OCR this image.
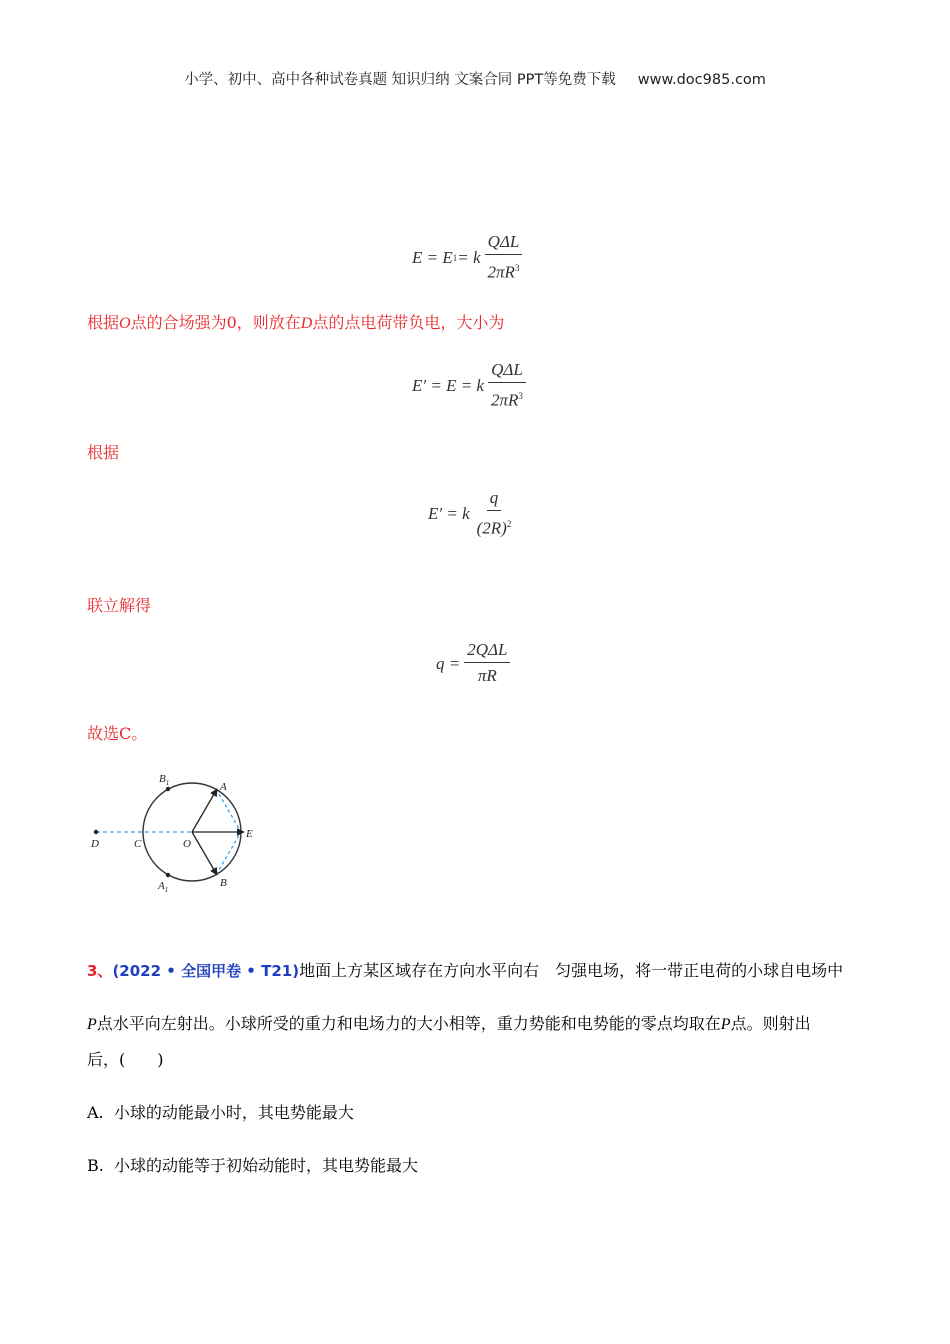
小学、初中、高中各种试卷真题 知识归纳 文案合同 PPT等免费下载 www.doc985.com
E = E 1 = k $\frac{\text{QΔL}}{2\pi R^3}$
根据O点的合场强为0，则放在D点的点电荷带负电，大小为
E′ = E = k $\frac{\text{QΔL}}{2\pi R^3}$
根据
E′ = k $\frac{q}{(2R)^2}$
联立解得
$q = \frac{\text{2QΔL}}{\pi R}$
故选C。
$B_1$	A
D	C	O
E
B
$A_1$
3、(2022 • 全国甲卷 • T21)地面上方某区域存在方向水平向右　匀强电场，将一带正电荷的小球自电场中
P点水平向左射出。小球所受的重力和电场力的大小相等，重力势能和电势能的零点均取在P点。则射出
后，(　　)
A. 小球的动能最小时，其电势能最大
B. 小球的动能等于初始动能时，其电势能最大
